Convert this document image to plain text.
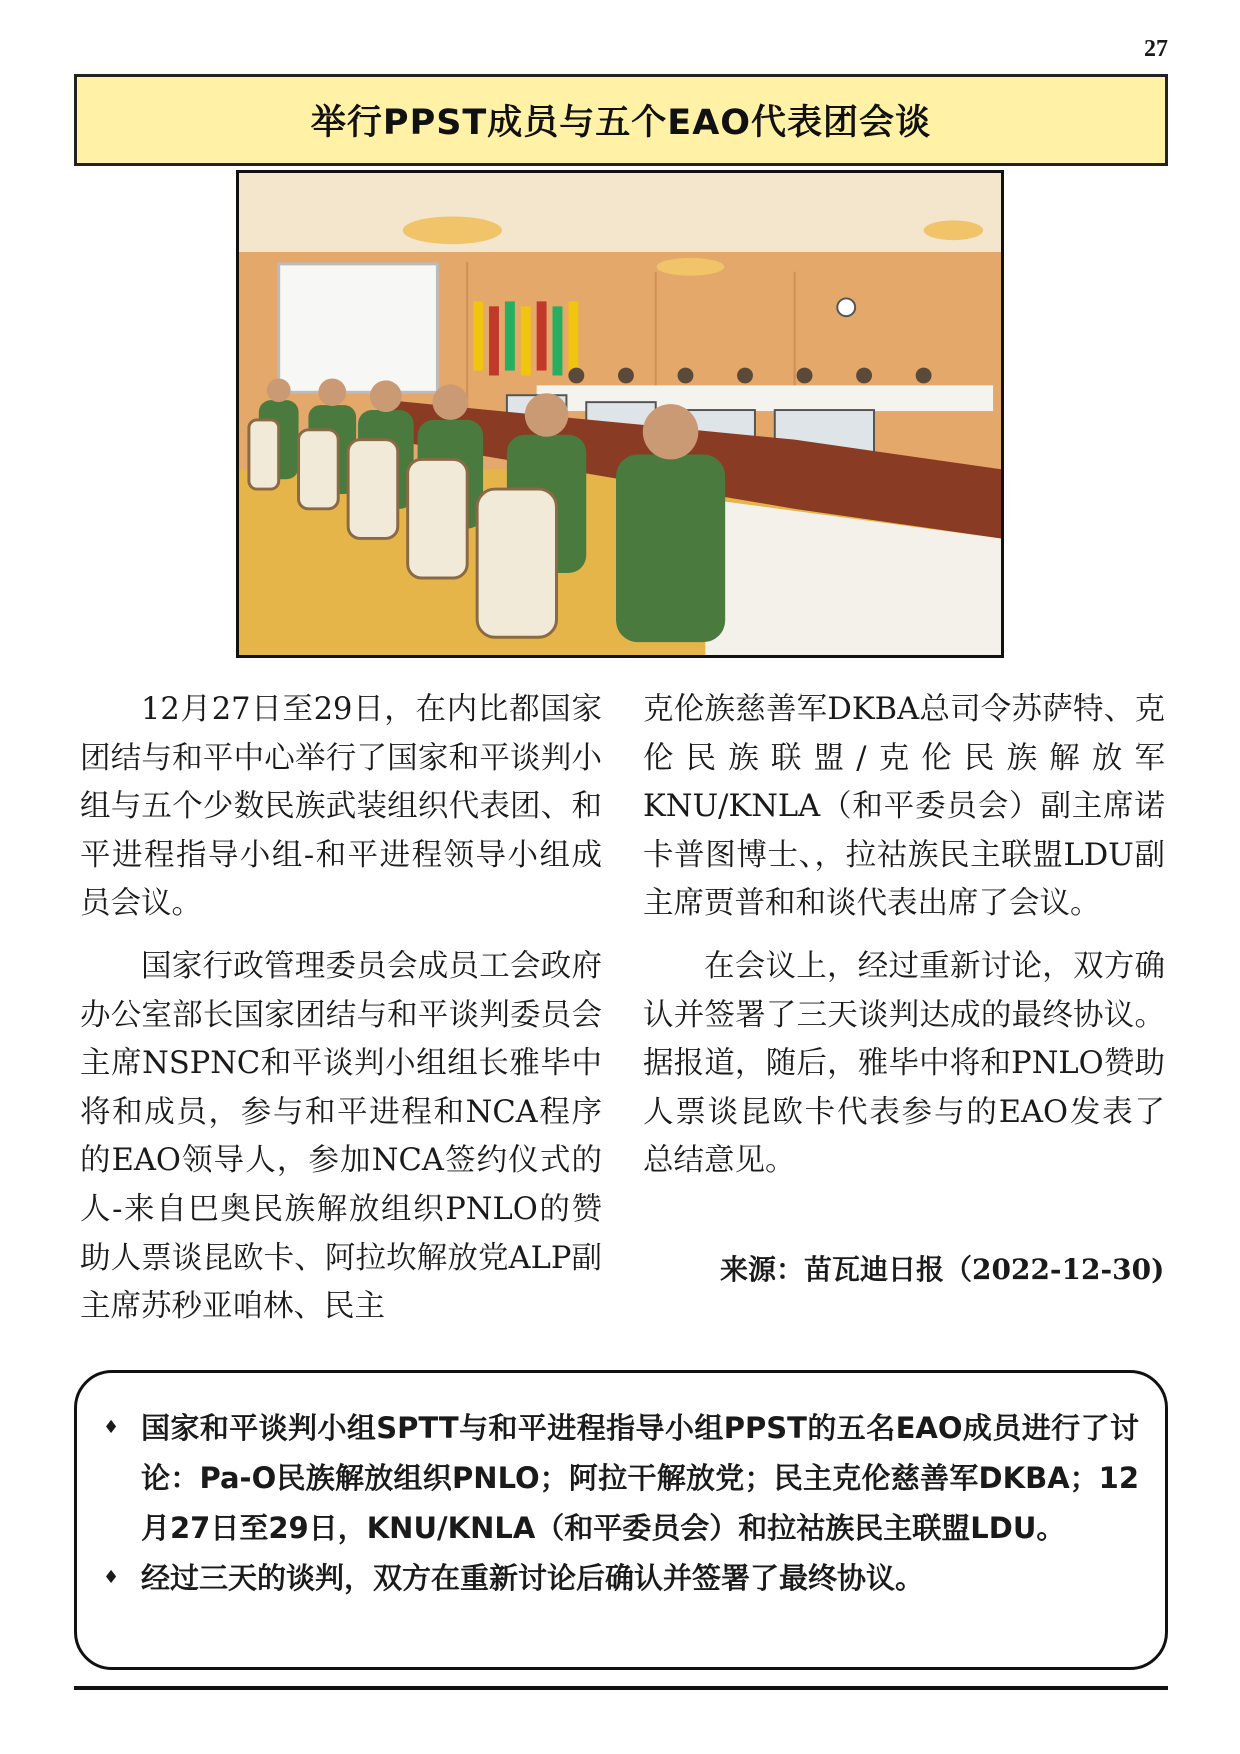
27
举行PPST成员与五个EAO代表团会谈

12月27日至29日，在内比都国家团结与和平中心举行了国家和平谈判小组与五个少数民族武装组织代表团、和平进程指导小组-和平进程领导小组成员会议。

国家行政管理委员会成员工会政府办公室部长国家团结与和平谈判委员会主席NSPNC和平谈判小组组长雅毕中将和成员，参与和平进程和NCA程序的EAO领导人，参加NCA签约仪式的人-来自巴奥民族解放组织PNLO的赞助人票谈昆欧卡、阿拉坎解放党ALP副主席苏秒亚咱林、民主

克伦族慈善军DKBA总司令苏萨特、克伦民族联盟/克伦民族解放军KNU/KNLA（和平委员会）副主席诺卡普图博士、，拉祜族民主联盟LDU副主席贾普和和谈代表出席了会议。

在会议上，经过重新讨论，双方确认并签署了三天谈判达成的最终协议。据报道，随后，雅毕中将和PNLO赞助人票谈昆欧卡代表参与的EAO发表了总结意见。

来源：苗瓦迪日报（2022-12-30)
♦ 国家和平谈判小组SPTT与和平进程指导小组PPST的五名EAO成员进行了讨论：Pa-O民族解放组织PNLO；阿拉干解放党；民主克伦慈善军DKBA；12月27日至29日，KNU/KNLA（和平委员会）和拉祜族民主联盟LDU。
♦ 经过三天的谈判，双方在重新讨论后确认并签署了最终协议。
